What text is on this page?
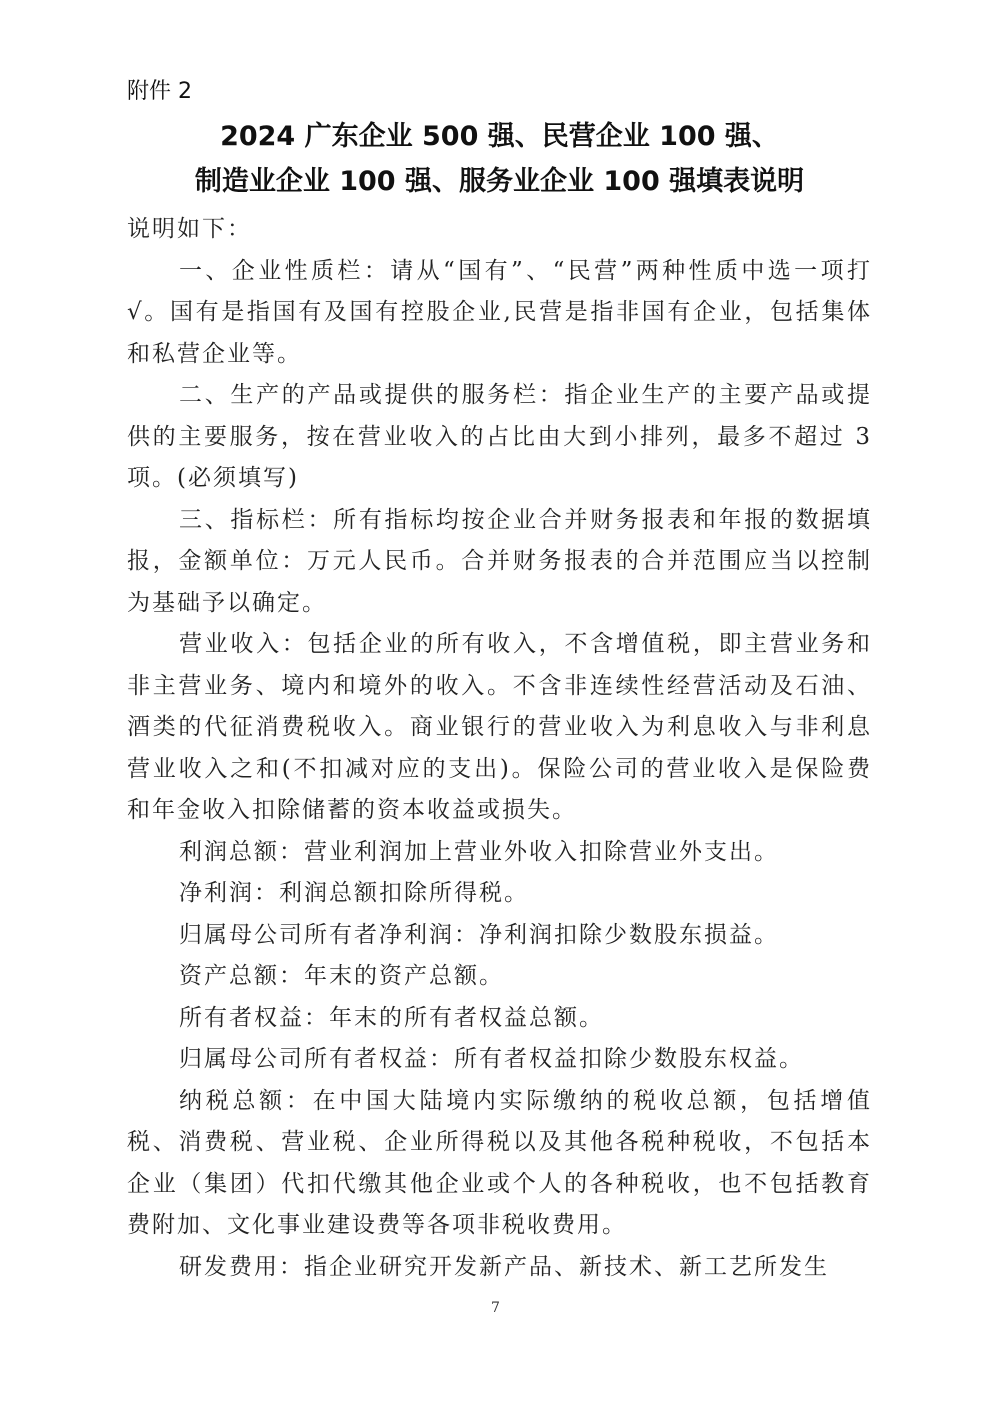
附件 2
2024 广东企业 500 强、民营企业 100 强、
制造业企业 100 强、服务业企业 100 强填表说明

说明如下：

一、企业性质栏：请从“国有”、“民营”两种性质中选一项打√。国有是指国有及国有控股企业,民营是指非国有企业，包括集体和私营企业等。

二、生产的产品或提供的服务栏：指企业生产的主要产品或提供的主要服务，按在营业收入的占比由大到小排列，最多不超过 3 项。(必须填写)

三、指标栏：所有指标均按企业合并财务报表和年报的数据填报，金额单位：万元人民币。合并财务报表的合并范围应当以控制为基础予以确定。

营业收入：包括企业的所有收入，不含增值税，即主营业务和非主营业务、境内和境外的收入。不含非连续性经营活动及石油、酒类的代征消费税收入。商业银行的营业收入为利息收入与非利息营业收入之和(不扣减对应的支出)。保险公司的营业收入是保险费和年金收入扣除储蓄的资本收益或损失。

利润总额：营业利润加上营业外收入扣除营业外支出。

净利润：利润总额扣除所得税。

归属母公司所有者净利润：净利润扣除少数股东损益。

资产总额：年末的资产总额。

所有者权益：年末的所有者权益总额。

归属母公司所有者权益：所有者权益扣除少数股东权益。

纳税总额：在中国大陆境内实际缴纳的税收总额，包括增值税、消费税、营业税、企业所得税以及其他各税种税收，不包括本企业（集团）代扣代缴其他企业或个人的各种税收，也不包括教育费附加、文化事业建设费等各项非税收费用。

研发费用：指企业研究开发新产品、新技术、新工艺所发生

7
